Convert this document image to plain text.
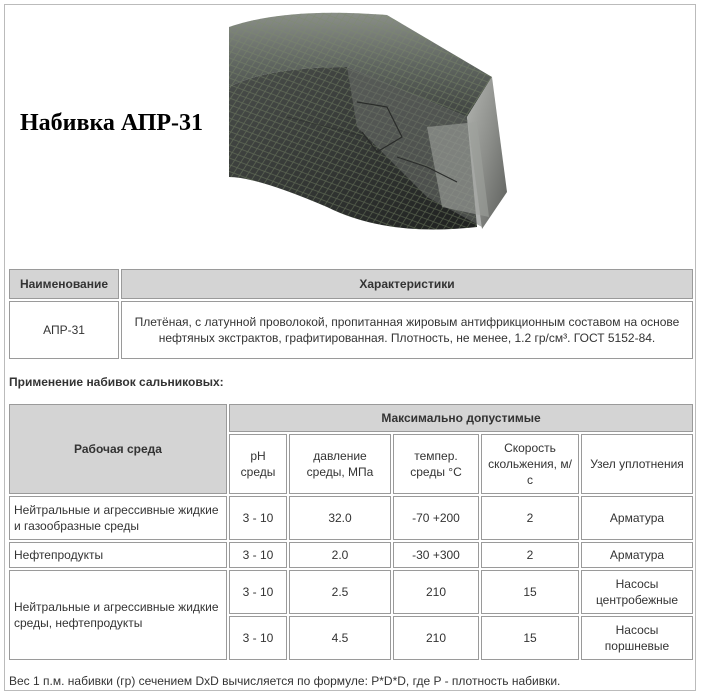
Набивка АПР-31
Наименование	Характеристики
АПР-31	Плетёная, с латунной проволокой, пропитанная жировым антифрикционным составом на основе нефтяных экстрактов, графитированная. Плотность, не менее, 1.2 гр/см³. ГОСТ 5152-84.

Применение набивок сальниковых:

Рабочая среда	Максимально допустимые				
	pH среды	давление среды, МПа	темпер. среды °С	Скорость скольжения, м/с	Узел уплотнения
Нейтральные и агрессивные жидкие и газообразные среды	3 - 10	32.0	-70 +200	2	Арматура
Нефтепродукты	3 - 10	2.0	-30 +300	2	Арматура
Нейтральные и агрессивные жидкие среды, нефтепродукты	3 - 10	2.5	210	15	Насосы центробежные
	3 - 10	4.5	210	15	Насосы поршневые

Вес 1 п.м. набивки (гр) сечением DxD вычисляется по формуле: P*D*D, где P - плотность набивки.
